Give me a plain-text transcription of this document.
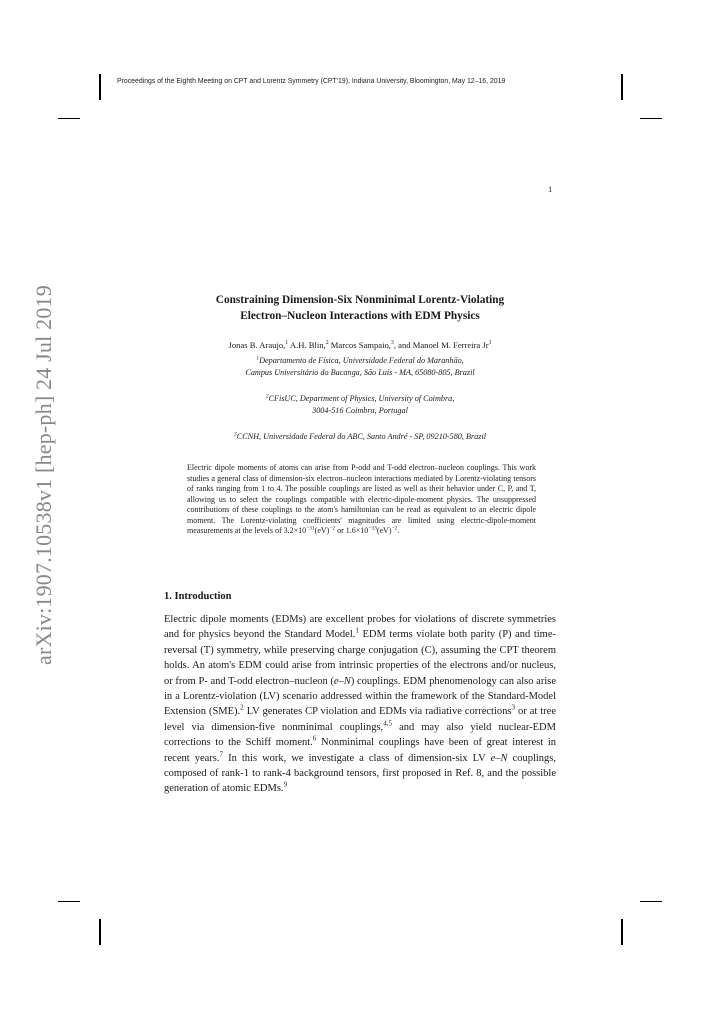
Proceedings of the Eighth Meeting on CPT and Lorentz Symmetry (CPT'19), Indiana University, Bloomington, May 12–16, 2019
1
arXiv:1907.10538v1 [hep-ph] 24 Jul 2019	Constraining Dimension-Six Nonminimal Lorentz-Violating
Electron–Nucleon Interactions with EDM Physics
Jonas B. Araujo,$^1$ A.H. Blin,$^2$ Marcos Sampaio,$^3$, and Manoel M. Ferreira Jr$^1$
$^1$Departamento de Física, Universidade Federal do Maranhão,
Campus Universitário do Bacanga, São Luís - MA, 65080-805, Brazil
$^2$CFisUC, Department of Physics, University of Coimbra,
3004-516 Coimbra, Portugal
$^3$CCNH, Universidade Federal do ABC, Santo André - SP, 09210-580, Brazil
Electric dipole moments of atoms can arise from P-odd and T-odd electron–nucleon couplings. This work studies a general class of dimension-six electron–nucleon interactions mediated by Lorentz-violating tensors of ranks ranging from 1 to 4. The possible couplings are listed as well as their behavior under C, P, and T, allowing us to select the couplings compatible with electric-dipole-moment physics. The unsuppressed contributions of these couplings to the atom's hamiltonian can be read as equivalent to an electric dipole moment. The Lorentz-violating coefficients' magnitudes are limited using electric-dipole-moment measurements at the levels of $3.2\times 10^{-31}(eV)^{-2}$ or $1.6\times 10^{-33}(eV)^{-2}$.
1. Introduction
Electric dipole moments (EDMs) are excellent probes for violations of discrete symmetries and for physics beyond the Standard Model.$^1$ EDM terms violate both parity (P) and time-reversal (T) symmetry, while preserving charge conjugation (C), assuming the CPT theorem holds. An atom's EDM could arise from intrinsic properties of the electrons and/or nucleus, or from P- and T-odd electron–nucleon (e–N) couplings. EDM phenomenology can also arise in a Lorentz-violation (LV) scenario addressed within the framework of the Standard-Model Extension (SME).$^2$ LV generates CP violation and EDMs via radiative corrections$^3$ or at tree level via dimension-five nonminimal couplings,$^{4,5}$ and may also yield nuclear-EDM corrections to the Schiff moment.$^6$ Nonminimal couplings have been of great interest in recent years.$^7$ In this work, we investigate a class of dimension-six LV e–N couplings, composed of rank-1 to rank-4 background tensors, first proposed in Ref. 8, and the possible generation of atomic EDMs.$^9$
